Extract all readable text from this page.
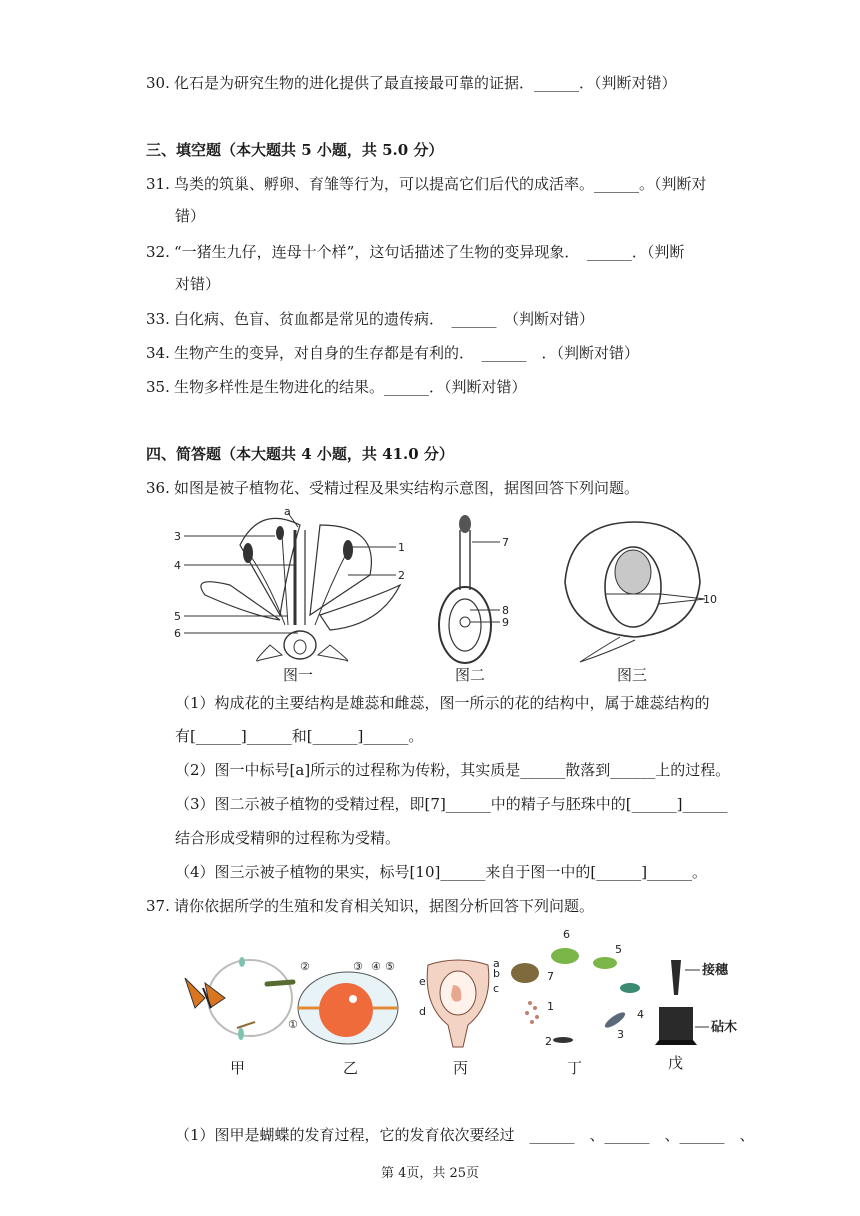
30. 化石是为研究生物的进化提供了最直接最可靠的证据．______．（判断对错）
三、填空题（本大题共 5 小题，共 5.0 分）
31. 鸟类的筑巢、孵卵、育雏等行为，可以提高它们后代的成活率。______。（判断对
错）
32. “一猪生九仔，连母十个样”，这句话描述了生物的变异现象．　______．（判断
对错）
33. 白化病、色盲、贫血都是常见的遗传病．　______　（判断对错）
34. 生物产生的变异，对自身的生存都是有利的．　______　．（判断对错）
35. 生物多样性是生物进化的结果。______．（判断对错）
四、简答题（本大题共 4 小题，共 41.0 分）
36. 如图是被子植物花、受精过程及果实结构示意图，据图回答下列问题。
a
3
4
5
6
1
2
图一
7
8
9
图二
10
图三
（1）构成花的主要结构是雄蕊和雌蕊，图一所示的花的结构中，属于雄蕊结构的
有[______]______和[______]______。
（2）图一中标号[a]所示的过程称为传粉，其实质是______散落到______上的过程。
（3）图二示被子植物的受精过程，即[7]______中的精子与胚珠中的[______]______
结合形成受精卵的过程称为受精。
（4）图三示被子植物的果实，标号[10]______来自于图一中的[______]______。
37. 请你依据所学的生殖和发育相关知识，据图分析回答下列问题。
甲
②	③ ④ ⑤
①
乙
a
b
c
d
e
丙
6
5
7
4
1
3
2
丁
接穗
砧木
戊
（1）图甲是蝴蝶的发育过程，它的发育依次要经过　______　、______　、______　、
第 4页，共 25页
